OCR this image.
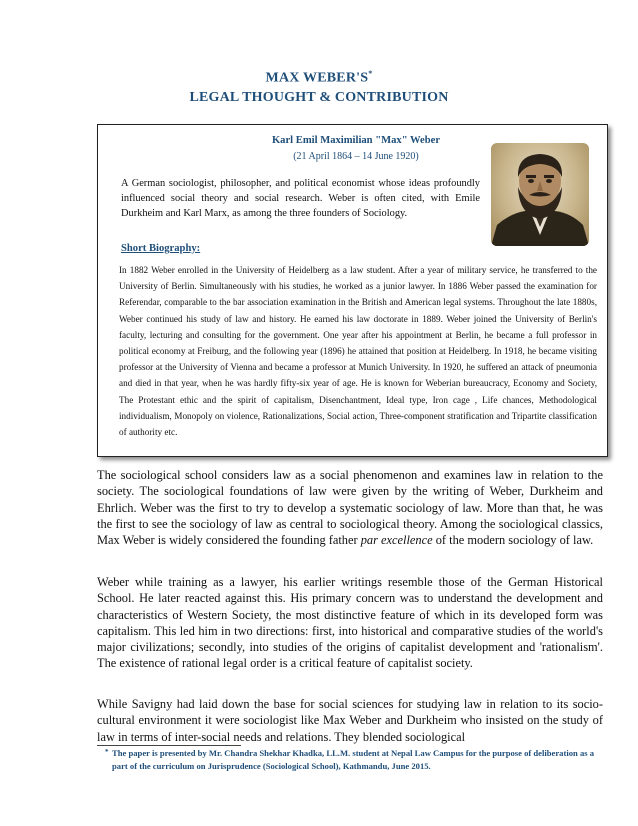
MAX WEBER'S*
LEGAL THOUGHT & CONTRIBUTION
Karl Emil Maximilian "Max" Weber
(21 April 1864 – 14 June 1920)
A German sociologist, philosopher, and political economist whose ideas profoundly influenced social theory and social research. Weber is often cited, with Emile Durkheim and Karl Marx, as among the three founders of Sociology.
Short Biography:
In 1882 Weber enrolled in the University of Heidelberg as a law student. After a year of military service, he transferred to the University of Berlin. Simultaneously with his studies, he worked as a junior lawyer. In 1886 Weber passed the examination for Referendar, comparable to the bar association examination in the British and American legal systems. Throughout the late 1880s, Weber continued his study of law and history. He earned his law doctorate in 1889. Weber joined the University of Berlin's faculty, lecturing and consulting for the government. One year after his appointment at Berlin, he became a full professor in political economy at Freiburg, and the following year (1896) he attained that position at Heidelberg. In 1918, he became visiting professor at the University of Vienna and became a professor at Munich University. In 1920, he suffered an attack of pneumonia and died in that year, when he was hardly fifty-six year of age. He is known for Weberian bureaucracy, Economy and Society, The Protestant ethic and the spirit of capitalism, Disenchantment, Ideal type, Iron cage , Life chances, Methodological individualism, Monopoly on violence, Rationalizations, Social action, Three-component stratification and Tripartite classification of authority etc.
The sociological school considers law as a social phenomenon and examines law in relation to the society. The sociological foundations of law were given by the writing of Weber, Durkheim and Ehrlich. Weber was the first to try to develop a systematic sociology of law. More than that, he was the first to see the sociology of law as central to sociological theory. Among the sociological classics, Max Weber is widely considered the founding father par excellence of the modern sociology of law.
Weber while training as a lawyer, his earlier writings resemble those of the German Historical School. He later reacted against this. His primary concern was to understand the development and characteristics of Western Society, the most distinctive feature of which in its developed form was capitalism. This led him in two directions: first, into historical and comparative studies of the world's major civilizations; secondly, into studies of the origins of capitalist development and 'rationalism'. The existence of rational legal order is a critical feature of capitalist society.
While Savigny had laid down the base for social sciences for studying law in relation to its socio-cultural environment it were sociologist like Max Weber and Durkheim who insisted on the study of law in terms of inter-social needs and relations. They blended sociological
* The paper is presented by Mr. Chandra Shekhar Khadka, LL.M. student at Nepal Law Campus for the purpose of deliberation as a part of the curriculum on Jurisprudence (Sociological School), Kathmandu, June 2015.
